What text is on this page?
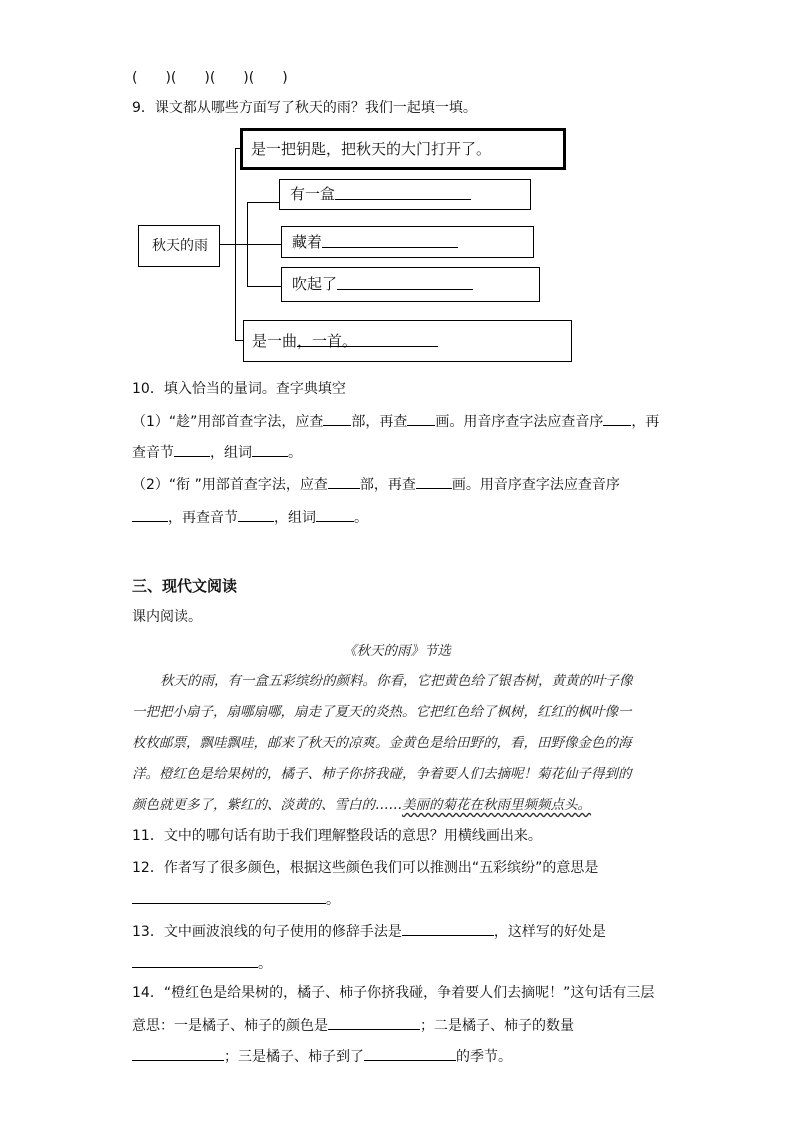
(　　)(　　)(　　)(　　)
9．课文都从哪些方面写了秋天的雨？我们一起填一填。
秋天的雨
是一把钥匙，把秋天的大门打开了。
有一盒
藏着
吹起了
是一曲
，一首
。
10．填入恰当的量词。查字典填空
（1）“趁”用部首查字法，应查 部，再查 画。用音序查字法应查音序 ，再
查音节	，组词	。
（2）“衔 ”用部首查字法，应查 部，再查	画。用音序查字法应查音序
，再查音节	，组词	。
三、现代文阅读
课内阅读。
《秋天的雨》节选
秋天的雨，有一盒五彩缤纷的颜料。你看，它把黄色给了银杏树，黄黄的叶子像
一把把小扇子，扇哪扇哪，扇走了夏天的炎热。它把红色给了枫树，红红的枫叶像一
枚枚邮票，飘哇飘哇，邮来了秋天的凉爽。金黄色是给田野的，看，田野像金色的海
洋。橙红色是给果树的，橘子、柿子你挤我碰，争着要人们去摘呢！菊花仙子得到的
颜色就更多了，紫红的、淡黄的、雪白的……美丽的菊花在秋雨里频频点头。
11．文中的哪句话有助于我们理解整段话的意思？用横线画出来。
12．作者写了很多颜色，根据这些颜色我们可以推测出“五彩缤纷”的意思是
。
13．文中画波浪线的句子使用的修辞手法是	，这样写的好处是
。
14．“橙红色是给果树的，橘子、柿子你挤我碰，争着要人们去摘呢！”这句话有三层
意思：一是橘子、柿子的颜色是	；二是橘子、柿子的数量
；三是橘子、柿子到了	的季节。
